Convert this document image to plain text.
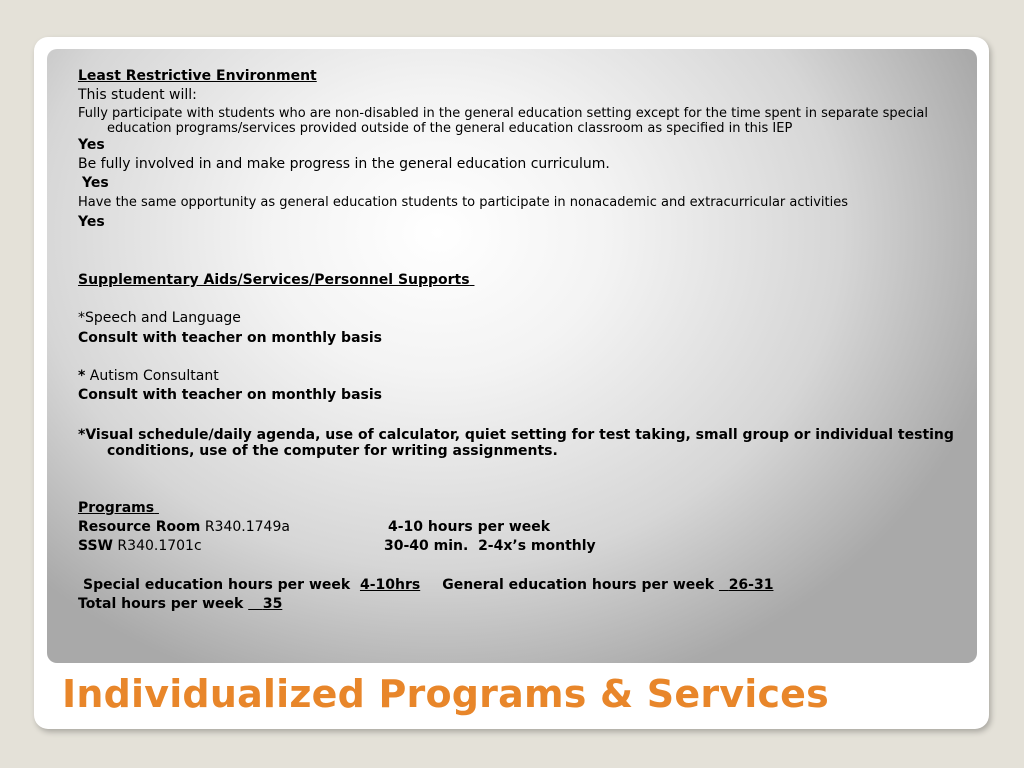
Least Restrictive Environment
This student will:
Fully participate with students who are non-disabled in the general education setting except for the time spent in separate special education programs/services provided outside of the general education classroom as specified in this IEP
Yes
Be fully involved in and make progress in the general education curriculum.
Yes
Have the same opportunity as general education students to participate in nonacademic and extracurricular activities
Yes
Supplementary Aids/Services/Personnel Supports
*Speech and Language
Consult with teacher on monthly basis
* Autism Consultant
Consult with teacher on monthly basis
*Visual schedule/daily agenda, use of calculator, quiet setting for test taking, small group or individual testing conditions, use of the computer for writing assignments.
Programs
Resource Room R340.1749a	4-10 hours per week
SSW R340.1701c	30-40 min.  2-4x’s monthly
Special education hours per week 4-10hrs General education hours per week 26-31
Total hours per week 35
Individualized Programs & Services
